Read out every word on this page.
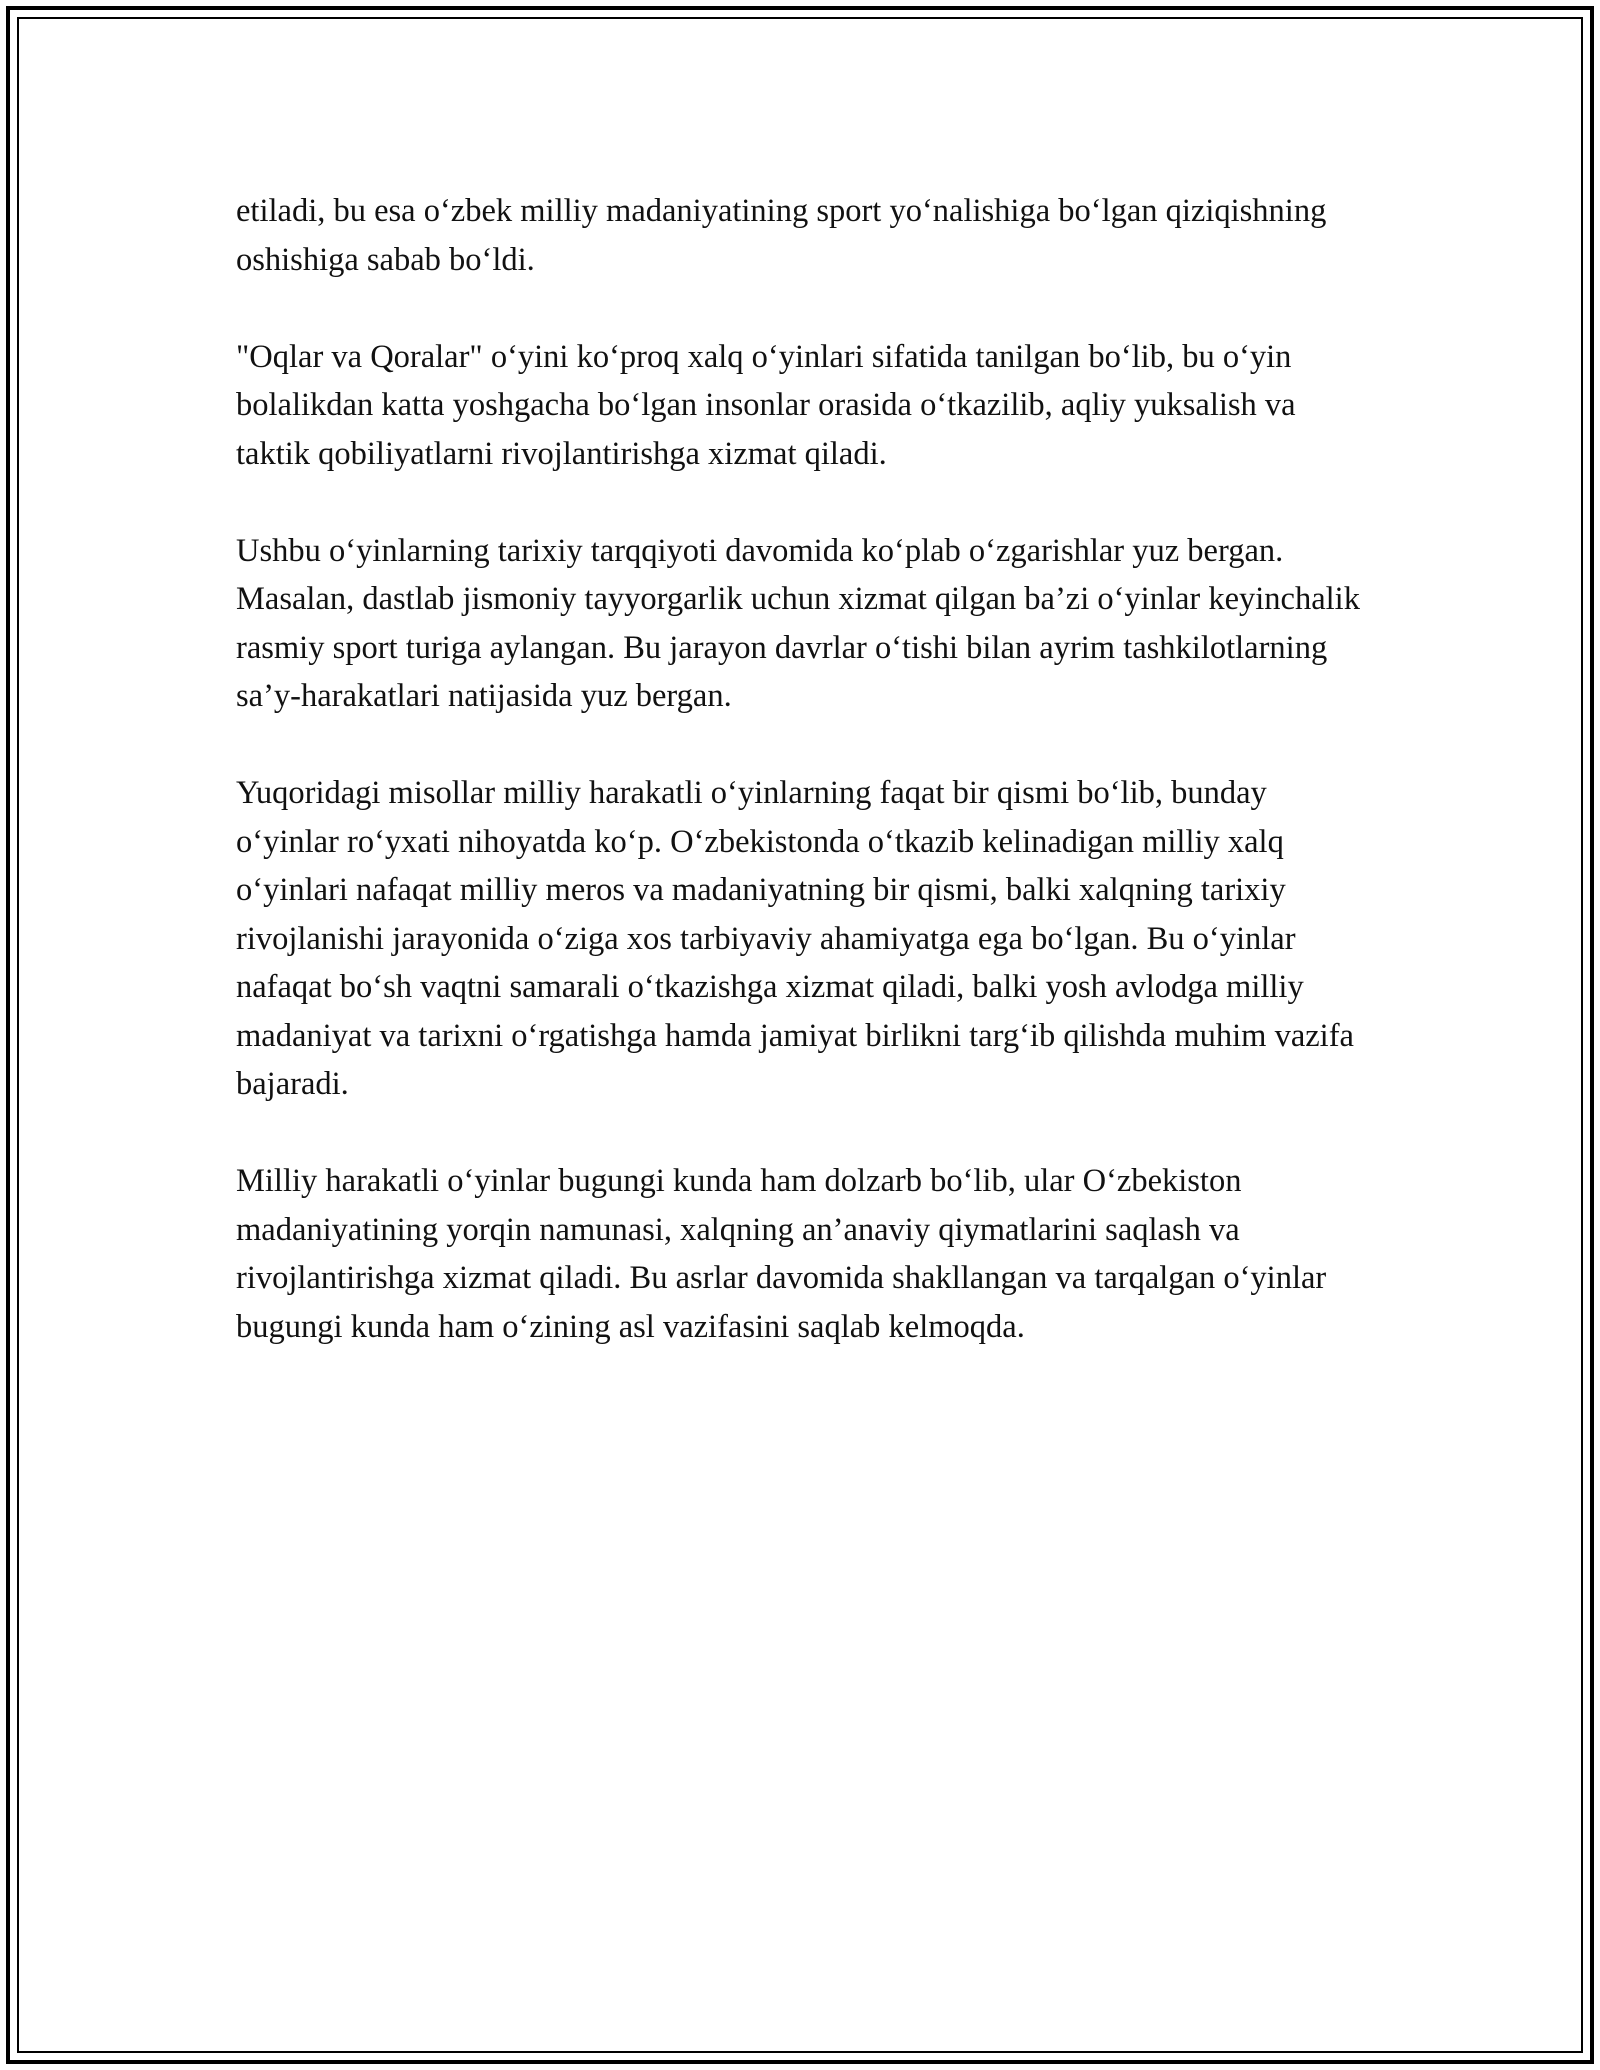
etiladi, bu esa o‘zbek milliy madaniyatining sport yo‘nalishiga bo‘lgan qiziqishning oshishiga sabab bo‘ldi.

"Oqlar va Qoralar" o‘yini ko‘proq xalq o‘yinlari sifatida tanilgan bo‘lib, bu o‘yin bolalikdan katta yoshgacha bo‘lgan insonlar orasida o‘tkazilib, aqliy yuksalish va taktik qobiliyatlarni rivojlantirishga xizmat qiladi.

Ushbu o‘yinlarning tarixiy tarqqiyoti davomida ko‘plab o‘zgarishlar yuz bergan. Masalan, dastlab jismoniy tayyorgarlik uchun xizmat qilgan ba’zi o‘yinlar keyinchalik rasmiy sport turiga aylangan. Bu jarayon davrlar o‘tishi bilan ayrim tashkilotlarning sa’y-harakatlari natijasida yuz bergan.

Yuqoridagi misollar milliy harakatli o‘yinlarning faqat bir qismi bo‘lib, bunday o‘yinlar ro‘yxati nihoyatda ko‘p. O‘zbekistonda o‘tkazib kelinadigan milliy xalq o‘yinlari nafaqat milliy meros va madaniyatning bir qismi, balki xalqning tarixiy rivojlanishi jarayonida o‘ziga xos tarbiyaviy ahamiyatga ega bo‘lgan. Bu o‘yinlar nafaqat bo‘sh vaqtni samarali o‘tkazishga xizmat qiladi, balki yosh avlodga milliy madaniyat va tarixni o‘rgatishga hamda jamiyat birlikni targ‘ib qilishda muhim vazifa bajaradi.

Milliy harakatli o‘yinlar bugungi kunda ham dolzarb bo‘lib, ular O‘zbekiston madaniyatining yorqin namunasi, xalqning an’anaviy qiymatlarini saqlash va rivojlantirishga xizmat qiladi. Bu asrlar davomida shakllangan va tarqalgan o‘yinlar bugungi kunda ham o‘zining asl vazifasini saqlab kelmoqda.
